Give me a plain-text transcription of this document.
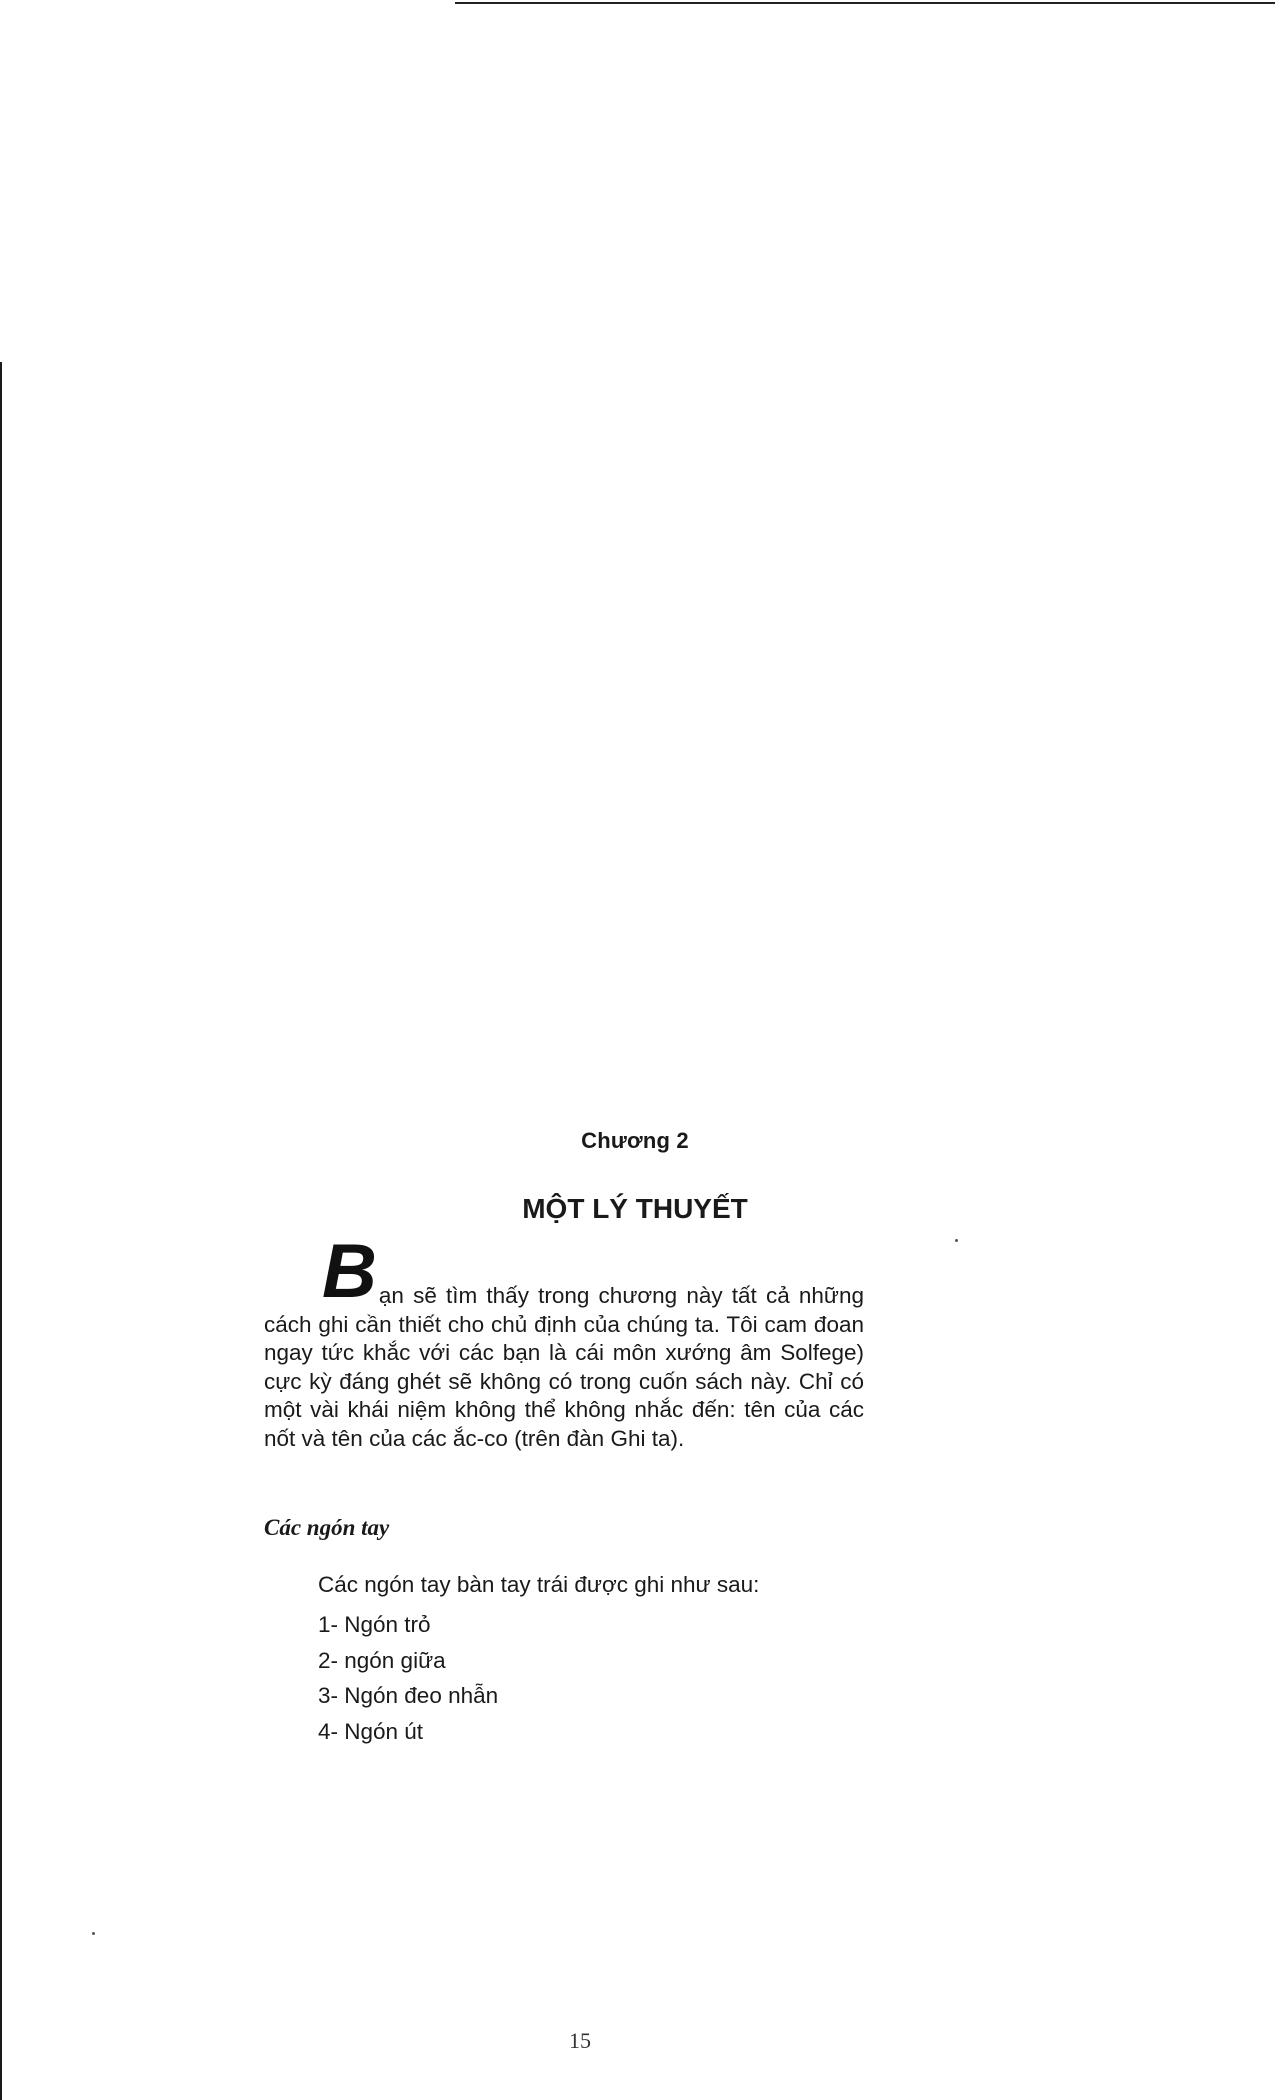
Chương 2
MỘT LÝ THUYẾT
B ạn sẽ tìm thấy trong chương này tất cả những cách ghi cần thiết cho chủ định của chúng ta. Tôi cam đoan ngay tức khắc với các bạn là cái môn xướng âm Solfege) cực kỳ đáng ghét sẽ không có trong cuốn sách này. Chỉ có một vài khái niệm không thể không nhắc đến: tên của các nốt và tên của các ắc-co (trên đàn Ghi ta).
Các ngón tay
Các ngón tay bàn tay trái được ghi như sau:
1- Ngón trỏ
2- ngón giữa
3- Ngón đeo nhẫn
4- Ngón út
15
